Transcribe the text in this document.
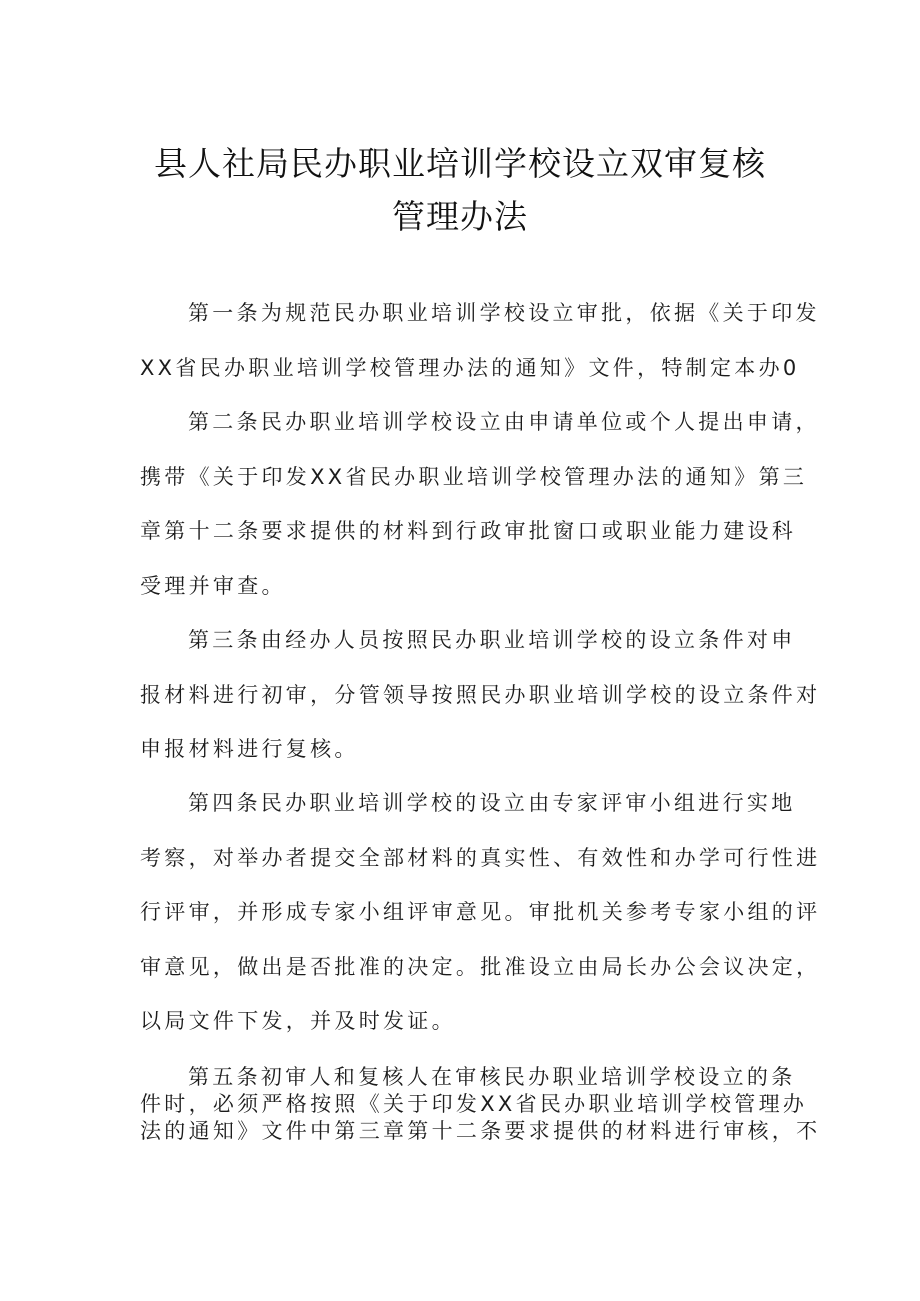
县人社局民办职业培训学校设立双审复核
管理办法
第一条为规范民办职业培训学校设立审批，依据《关于印发
XX省民办职业培训学校管理办法的通知》文件，特制定本办0
第二条民办职业培训学校设立由申请单位或个人提出申请，
携带《关于印发XX省民办职业培训学校管理办法的通知》第三
章第十二条要求提供的材料到行政审批窗口或职业能力建设科
受理并审查。
第三条由经办人员按照民办职业培训学校的设立条件对申
报材料进行初审，分管领导按照民办职业培训学校的设立条件对
申报材料进行复核。
第四条民办职业培训学校的设立由专家评审小组进行实地
考察，对举办者提交全部材料的真实性、有效性和办学可行性进
行评审，并形成专家小组评审意见。审批机关参考专家小组的评
审意见，做出是否批准的决定。批准设立由局长办公会议决定，
以局文件下发，并及时发证。
第五条初审人和复核人在审核民办职业培训学校设立的条
件时，必须严格按照《关于印发XX省民办职业培训学校管理办
法的通知》文件中第三章第十二条要求提供的材料进行审核，不
